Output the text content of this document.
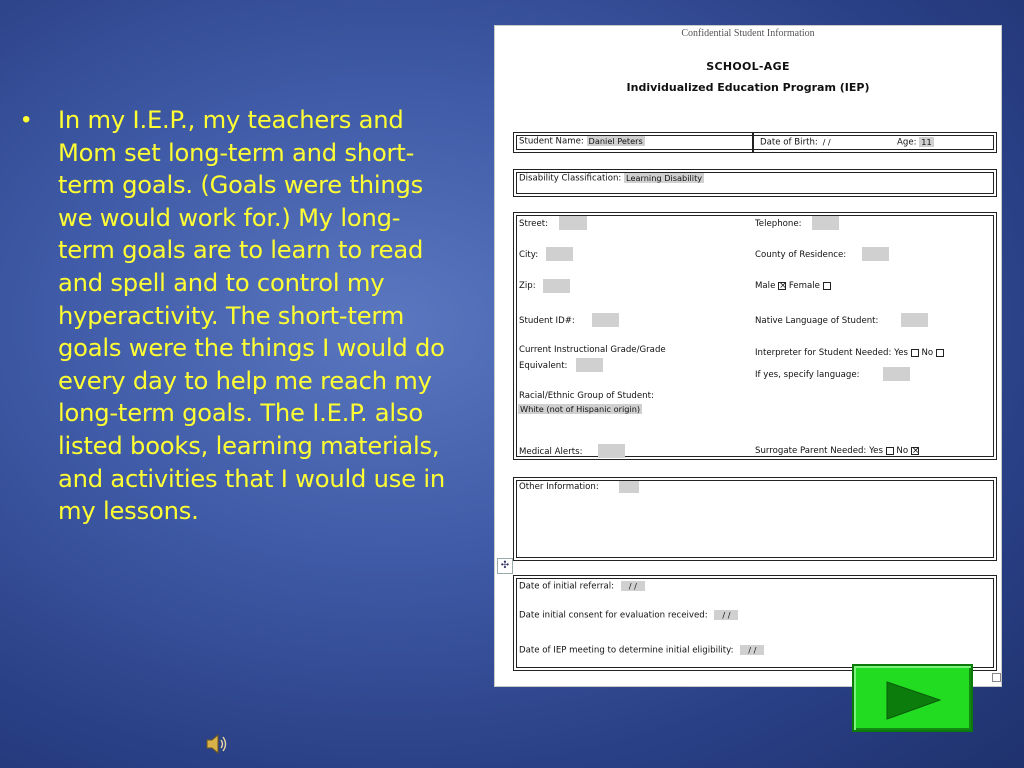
• In my I.E.P., my teachers and Mom set long-term and short-term goals. (Goals were things we would work for.) My long-term goals are to learn to read and spell and to control my hyperactivity. The short-term goals were the things I would do every day to help me reach my long-term goals. The I.E.P. also listed books, learning materials, and activities that I would use in my lessons.

Confidential Student Information
SCHOOL-AGE
Individualized Education Program (IEP)
Student Name: Daniel Peters	Date of Birth: / /	Age: 11
Disability Classification: Learning Disability
Street:
City:
Zip:
Student ID#:
Current Instructional Grade/Grade
Equivalent:
Racial/Ethnic Group of Student:
White (not of Hispanic origin)
Medical Alerts:
Telephone:
County of Residence:
Male × Female
Native Language of Student:
Interpreter for Student Needed: Yes No
If yes, specify language:
Surrogate Parent Needed: Yes No ×
Other Information:
Date of initial referral: / /
Date initial consent for evaluation received: / /
Date of IEP meeting to determine initial eligibility: / /
✣
